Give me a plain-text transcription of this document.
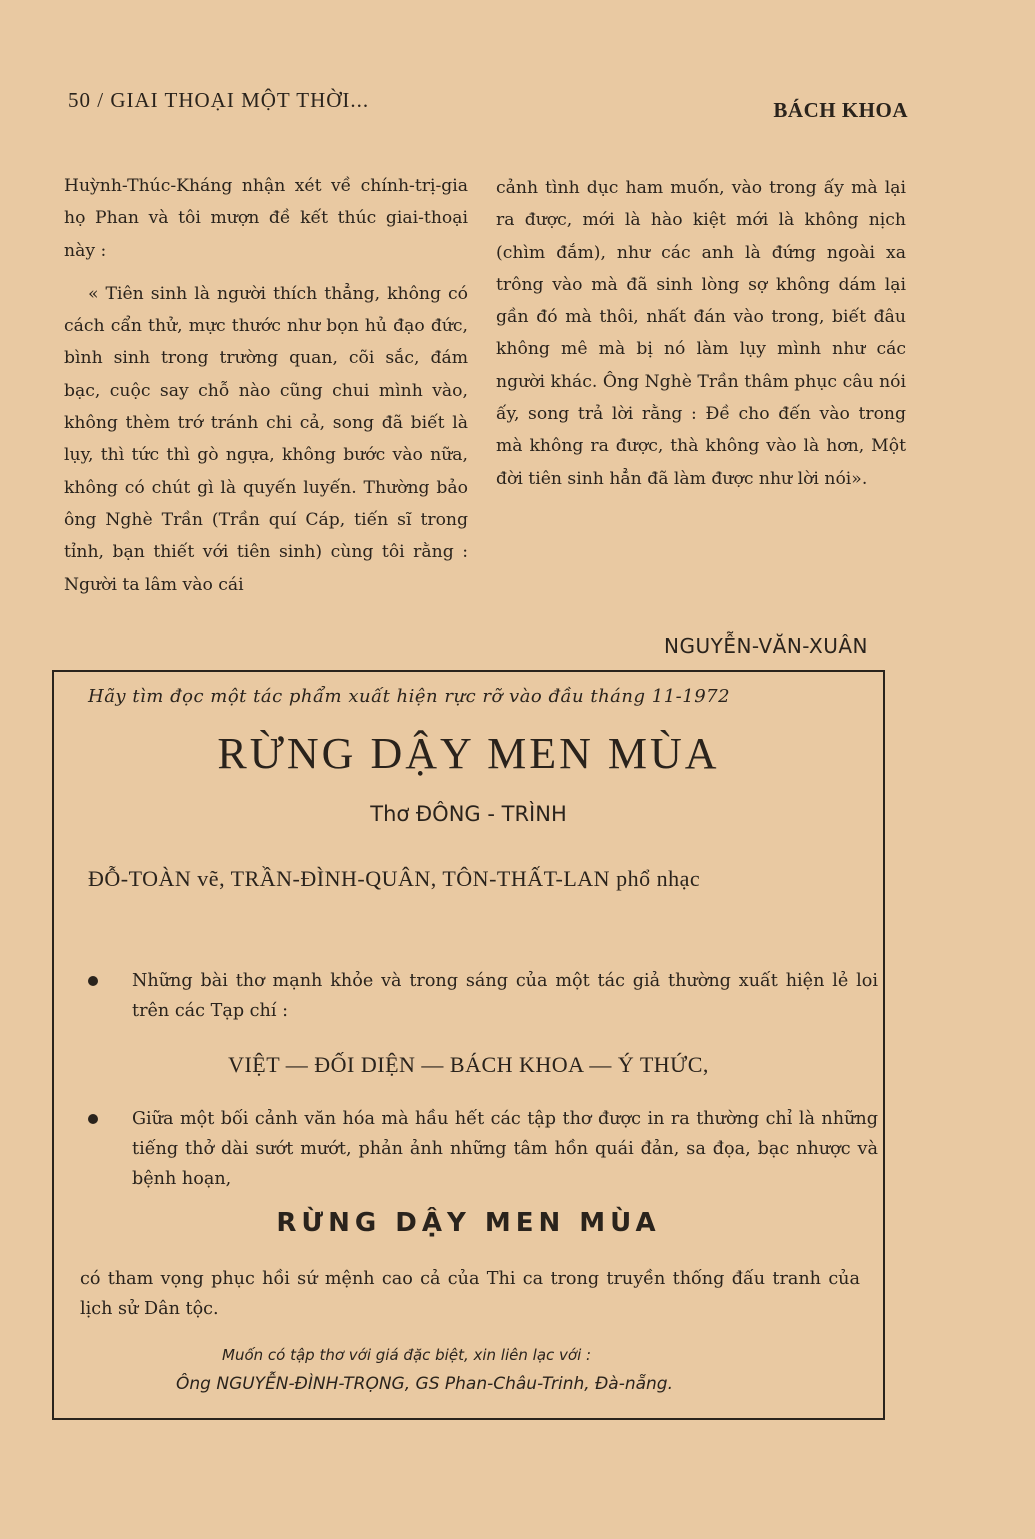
50 / GIAI THOẠI MỘT THỜI...	BÁCH KHOA

Huỳnh-Thúc-Kháng nhận xét về chính-trị-gia họ Phan và tôi mượn đề kết thúc giai-thoại này :

« Tiên sinh là người thích thẳng, không có cách cẩn thử, mực thước như bọn hủ đạo đức, bình sinh trong trường quan, cõi sắc, đám bạc, cuộc say chỗ nào cũng chui mình vào, không thèm trớ tránh chi cả, song đã biết là lụy, thì tức thì gò ngựa, không bước vào nữa, không có chút gì là quyến luyến. Thường bảo ông Nghè Trần (Trần quí Cáp, tiến sĩ trong tỉnh, bạn thiết với tiên sinh) cùng tôi rằng : Người ta lâm vào cái

cảnh tình dục ham muốn, vào trong ấy mà lại ra được, mới là hào kiệt mới là không nịch (chìm đắm), như các anh là đứng ngoài xa trông vào mà đã sinh lòng sợ không dám lại gần đó mà thôi, nhất đán vào trong, biết đâu không mê mà bị nó làm lụy mình như các người khác. Ông Nghè Trần thâm phục câu nói ấy, song trả lời rằng : Đề cho đến vào trong mà không ra được, thà không vào là hơn, Một đời tiên sinh hẳn đã làm được như lời nói».

NGUYỄN-VĂN-XUÂN
Hãy tìm đọc một tác phẩm xuất hiện rực rỡ vào đầu tháng 11-1972
RỪNG DẬY MEN MÙA
Thơ ĐÔNG - TRÌNH
ĐỖ-TOÀN vẽ, TRẦN-ĐÌNH-QUÂN, TÔN-THẤT-LAN phổ nhạc
Những bài thơ mạnh khỏe và trong sáng của một tác giả thường xuất hiện lẻ loi trên các Tạp chí :
VIỆT — ĐỐI DIỆN — BÁCH KHOA — Ý THỨC,
Giữa một bối cảnh văn hóa mà hầu hết các tập thơ được in ra thường chỉ là những tiếng thở dài sướt mướt, phản ảnh những tâm hồn quái đản, sa đọa, bạc nhược và bệnh hoạn,
RỪNG DẬY MEN MÙA
có tham vọng phục hồi sứ mệnh cao cả của Thi ca trong truyền thống đấu tranh của lịch sử Dân tộc.
Muốn có tập thơ với giá đặc biệt, xin liên lạc với :
Ông NGUYỄN-ĐÌNH-TRỌNG, GS Phan-Châu-Trinh, Đà-nẵng.
